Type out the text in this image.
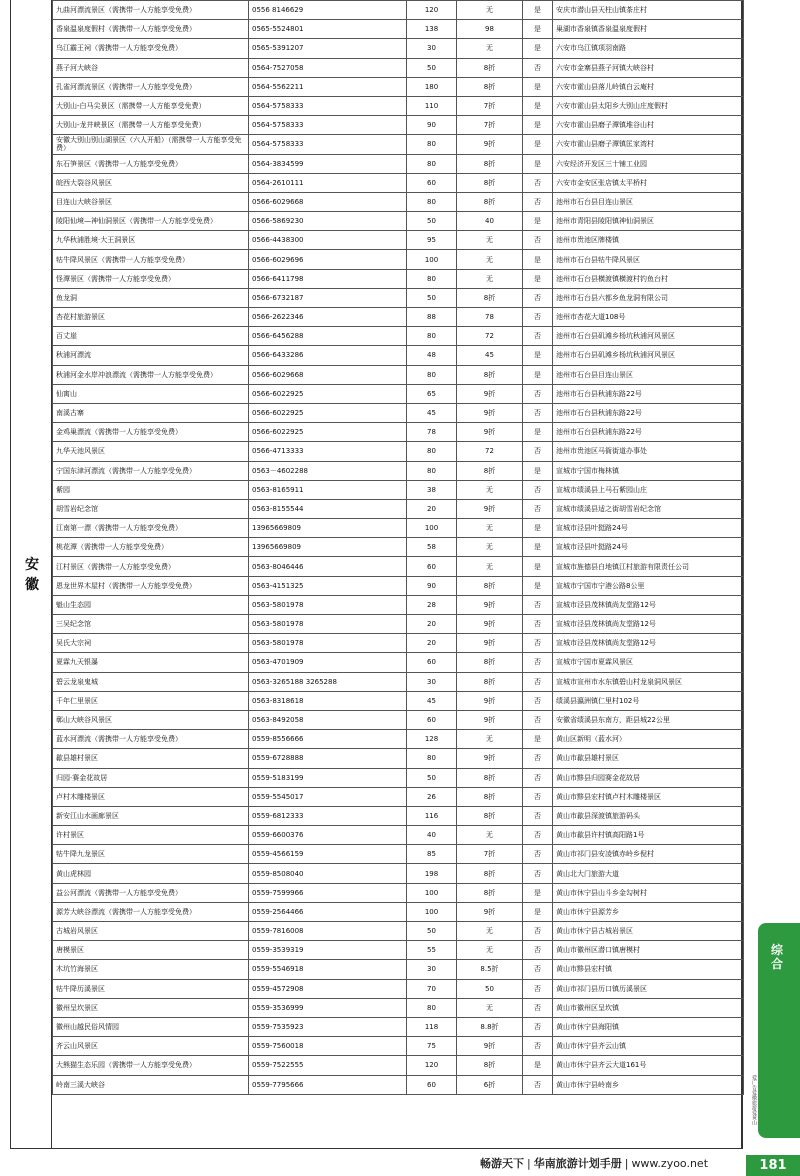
安徽
九曲河漂流景区（需携带一人方能享受免费）	0556 8146629	120	无	是	安庆市潜山县天柱山镇茶庄村
香泉温泉度假村（需携带一人方能享受免费）	0565-5524801	138	98	是	巢湖市香泉镇香泉温泉度假村
乌江霸王祠（需携带一人方能享受免费）	0565-5391207	30	无	是	六安市乌江镇项羽南路
燕子河大峡谷	0564-7527058	50	8折	否	六安市金寨县燕子河镇大峡谷村
孔雀河漂流景区（需携带一人方能享受免费）	0564-5562211	180	8折	是	六安市霍山县落儿岭镇白云庵村
大别山-白马尖景区（需携带一人方能享受免费）	0564-5758333	110	7折	是	六安市霍山县太阳乡大别山庄度假村
大别山-龙井峡景区（需携带一人方能享受免费）	0564-5758333	90	7折	是	六安市霍山县磨子潭镇堆谷山村
安徽大别山别山湖景区（六人开船）（需携带一人方能享受免费）	0564-5758333	80	9折	是	六安市霍山县磨子潭镇匡家湾村
东石笋景区（需携带一人方能享受免费）	0564-3834599	80	8折	是	六安经济开发区三十铺工业园
皖西大裂谷风景区	0564-2610111	60	8折	否	六安市金安区张店镇太平桥村
目连山大峡谷景区	0566-6029668	80	8折	否	池州市石台县目连山景区
陵阳仙境—神仙洞景区（需携带一人方能享受免费）	0566-5869230	50	40	是	池州市青阳县陵阳镇神仙洞景区
九华秋浦胜境·大王洞景区	0566-4438300	95	无	否	池州市贵池区牌楼镇
牯牛降风景区（需携带一人方能享受免费）	0566-6029696	100	无	是	池州市石台县牯牛降风景区
怪潭景区（需携带一人方能享受免费）	0566-6411798	80	无	是	池州市石台县横渡镇横渡村钓鱼台村
鱼龙洞	0566-6732187	50	8折	否	池州市石台县六都乡鱼龙洞有限公司
杏花村旅游景区	0566-2622346	88	78	否	池州市杏花大道108号
百丈崖	0566-6456288	80	72	否	池州市石台县矶滩乡杨坑秋浦河风景区
秋浦河漂流	0566-6433286	48	45	是	池州市石台县矶滩乡杨坑秋浦河风景区
秋浦河金水岸冲浪漂流（需携带一人方能享受免费）	0566-6029668	80	8折	是	池州市石台县目连山景区
仙寓山	0566-6022925	65	9折	否	池州市石台县秋浦东路22号
南溪古寨	0566-6022925	45	9折	否	池州市石台县秋浦东路22号
金鸡巢漂流（需携带一人方能享受免费）	0566-6022925	78	9折	是	池州市石台县秋浦东路22号
九华天池风景区	0566-4713333	80	72	否	池州市贵池区马衙街道办事处
宁国东津河漂流（需携带一人方能享受免费）	0563－4602288	80	8折	是	宣城市宁国市梅林镇
紫园	0563-8165911	38	无	否	宣城市绩溪县上马石紫园山庄
胡雪岩纪念馆	0563-8155544	20	9折	否	宣城市绩溪县适之街胡雪岩纪念馆
江南第一漂（需携带一人方能享受免费）	13965669809	100	无	是	宣城市泾县叶挺路24号
桃花潭（需携带一人方能享受免费）	13965669809	58	无	是	宣城市泾县叶挺路24号
江村景区（需携带一人方能享受免费）	0563-8046446	60	无	是	宣城市旌德县白地镇江村旅游有限责任公司
恩龙世界木屋村（需携带一人方能享受免费）	0563-4151325	90	8折	是	宣城市宁国市宁港公路8公里
魁山生态园	0563-5801978	28	9折	否	宣城市泾县茂林镇尚友堂路12号
三吴纪念馆	0563-5801978	20	9折	否	宣城市泾县茂林镇尚友堂路12号
吴氏大宗祠	0563-5801978	20	9折	否	宣城市泾县茂林镇尚友堂路12号
夏霖九天银瀑	0563-4701909	60	8折	否	宣城市宁国市夏霖风景区
碧云龙泉鬼城	0563-3265188 3265288	30	8折	否	宣城市宣州市水东镇碧山村龙泉洞风景区
千年仁里景区	0563-8318618	45	9折	否	绩溪县瀛洲镇仁里村102号
鄣山大峡谷风景区	0563-8492058	60	9折	否	安徽省绩溪县东南方，距县城22公里
蓝水河漂流（需携带一人方能享受免费）	0559-8556666	128	无	是	黄山区新明（蓝水河）
歙县雄村景区	0559-6728888	80	9折	否	黄山市歙县雄村景区
归园·赛金花故居	0559-5183199	50	8折	否	黄山市黟县归园赛金花故居
卢村木雕楼景区	0559-5545017	26	8折	否	黄山市黟县宏村镇卢村木雕楼景区
新安江山水画廊景区	0559-6812333	116	8折	否	黄山市歙县深渡镇旅游码头
许村景区	0559-6600376	40	无	否	黄山市歙县许村镇高阳路1号
牯牛降九龙景区	0559-4566159	85	7折	否	黄山市祁门县安凌镇赤岭乡倪村
黄山虎林园	0559-8508040	198	8折	否	黄山北大门旅游大道
益公河漂流（需携带一人方能享受免费）	0559-7599966	100	8折	是	黄山市休宁县山斗乡金勾树村
源芳大峡谷漂流（需携带一人方能享受免费）	0559-2564466	100	9折	是	黄山市休宁县源芳乡
古城岩风景区	0559-7816008	50	无	否	黄山市休宁县古城岩景区
唐模景区	0559-3539319	55	无	否	黄山市徽州区潜口镇唐模村
木坑竹海景区	0559-5546918	30	8.5折	否	黄山市黟县宏村镇
牯牛降历溪景区	0559-4572908	70	50	否	黄山市祁门县历口镇历溪景区
徽州呈坎景区	0559-3536999	80	无	否	黄山市徽州区呈坎镇
徽州山越民俗风情园	0559-7535923	118	8.8折	否	黄山市休宁县海阳镇
齐云山风景区	0559-7560018	75	9折	否	黄山市休宁县齐云山镇
大熊猫生态乐园（需携带一人方能享受免费）	0559-7522555	120	8折	是	黄山市休宁县齐云大道161号
岭南三溪大峡谷	0559-7795666	60	6折	否	黄山市休宁县岭南乡
综合
爱广告爱徽旅游爱黄山
畅游天下 | 华南旅游计划手册 | www.zyoo.net	181
